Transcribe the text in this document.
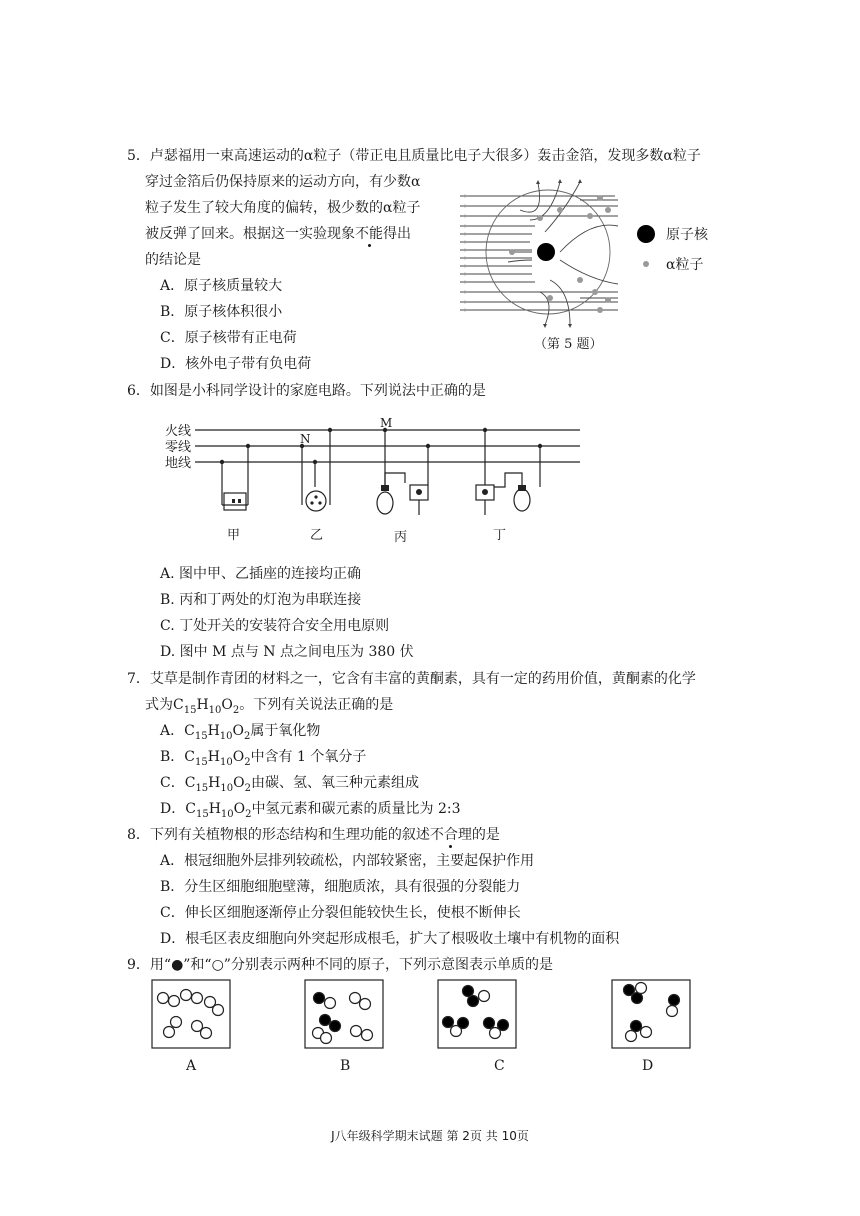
5．卢瑟福用一束高速运动的α粒子（带正电且质量比电子大很多）轰击金箔，发现多数α粒子
穿过金箔后仍保持原来的运动方向，有少数α
粒子发生了较大角度的偏转，极少数的α粒子
被反弹了回来。根据这一实验现象不能得出
的结论是
A．原子核质量较大
B．原子核体积很小
C．原子核带有正电荷
D．核外电子带有负电荷
原子核
α粒子
（第 5 题）
6．如图是小科同学设计的家庭电路。下列说法中正确的是
火线
零线
地线
N
M
甲	乙	丙	丁
A. 图中甲、乙插座的连接均正确
B. 丙和丁两处的灯泡为串联连接
C. 丁处开关的安装符合安全用电原则
D. 图中 M 点与 N 点之间电压为 380 伏
7．艾草是制作青团的材料之一，它含有丰富的黄酮素，具有一定的药用价值，黄酮素的化学
式为$C_{15}H_{10}O_2$。下列有关说法正确的是
A．$C_{15}H_{10}O_2$属于氧化物
B．$C_{15}H_{10}O_2$中含有 1 个氧分子
C．$C_{15}H_{10}O_2$由碳、氢、氧三种元素组成
D．$C_{15}H_{10}O_2$中氢元素和碳元素的质量比为 2:3
8．下列有关植物根的形态结构和生理功能的叙述不合理的是
A．根冠细胞外层排列较疏松，内部较紧密，主要起保护作用
B．分生区细胞细胞壁薄，细胞质浓，具有很强的分裂能力
C．伸长区细胞逐渐停止分裂但能较快生长，使根不断伸长
D．根毛区表皮细胞向外突起形成根毛，扩大了根吸收土壤中有机物的面积
9．用“●”和“○”分别表示两种不同的原子，下列示意图表示单质的是
A	B	C	D
J八年级科学期末试题 第 2页 共 10页
